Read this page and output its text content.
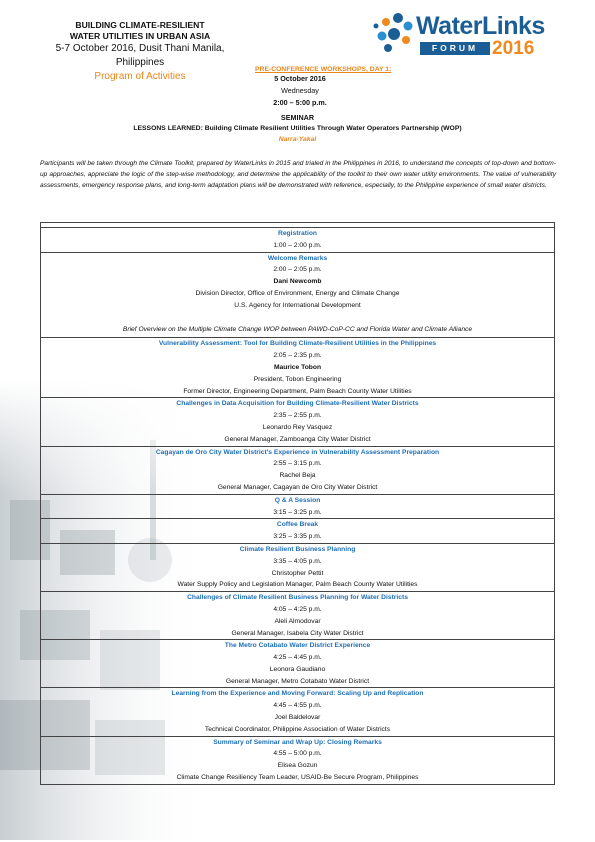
BUILDING CLIMATE-RESILIENT
WATER UTILITIES IN URBAN ASIA
5-7 October 2016, Dusit Thani Manila,
Philippines
Program of Activities
WaterLinks
FORUM 2016
PRE-CONFERENCE WORKSHOPS, DAY 1:
5 October 2016
Wednesday
2:00 – 5:00 p.m.
SEMINAR
LESSONS LEARNED: Building Climate Resilient Utilities Through Water Operators Partnership (WOP)
Narra-Yakal
Participants will be taken through the Climate Toolkit, prepared by WaterLinks in 2015 and trialed in the Philippines in 2016, to understand the concepts of top-down and bottom-up approaches, appreciate the logic of the step-wise methodology, and determine the applicability of the toolkit to their own water utility environments. The value of vulnerability assessments, emergency response plans, and long-term adaptation plans will be demonstrated with reference, especially, to the Philippine experience of small water districts.
Registration
1:00 – 2:00 p.m.
Welcome Remarks
2:00 – 2:05 p.m.
Dani Newcomb
Division Director, Office of Environment, Energy and Climate Change
U.S. Agency for International Development
Brief Overview on the Multiple Climate Change WOP between PAWD-CoP-CC and Florida Water and Climate Alliance
Vulnerability Assessment: Tool for Building Climate-Resilient Utilities in the Philippines
2:05 – 2:35 p.m.
Maurice Tobon
President, Tobon Engineering
Former Director, Engineering Department, Palm Beach County Water Utilities
Challenges in Data Acquisition for Building Climate-Resilient Water Districts
2:35 – 2:55 p.m.
Leonardo Rey Vasquez
General Manager, Zamboanga City Water District
Cagayan de Oro City Water District's Experience in Vulnerability Assessment Preparation
2:55 – 3:15 p.m.
Rachel Beja
General Manager, Cagayan de Oro City Water District
Q & A Session
3:15 – 3:25 p.m.
Coffee Break
3:25 – 3:35 p.m.
Climate Resilient Business Planning
3:35 – 4:05 p.m.
Christopher Pettit
Water Supply Policy and Legislation Manager, Palm Beach County Water Utilities
Challenges of Climate Resilient Business Planning for Water Districts
4:05 – 4:25 p.m.
Aleli Almodovar
General Manager, Isabela City Water District
The Metro Cotabato Water District Experience
4:25 – 4:45 p.m.
Leonora Gaudiano
General Manager, Metro Cotabato Water District
Learning from the Experience and Moving Forward: Scaling Up and Replication
4:45 – 4:55 p.m.
Joel Baldelovar
Technical Coordinator, Philippine Association of Water Districts
Summary of Seminar and Wrap Up: Closing Remarks
4:55 – 5:00 p.m.
Elisea Gozun
Climate Change Resiliency Team Leader, USAID-Be Secure Program, Philippines
